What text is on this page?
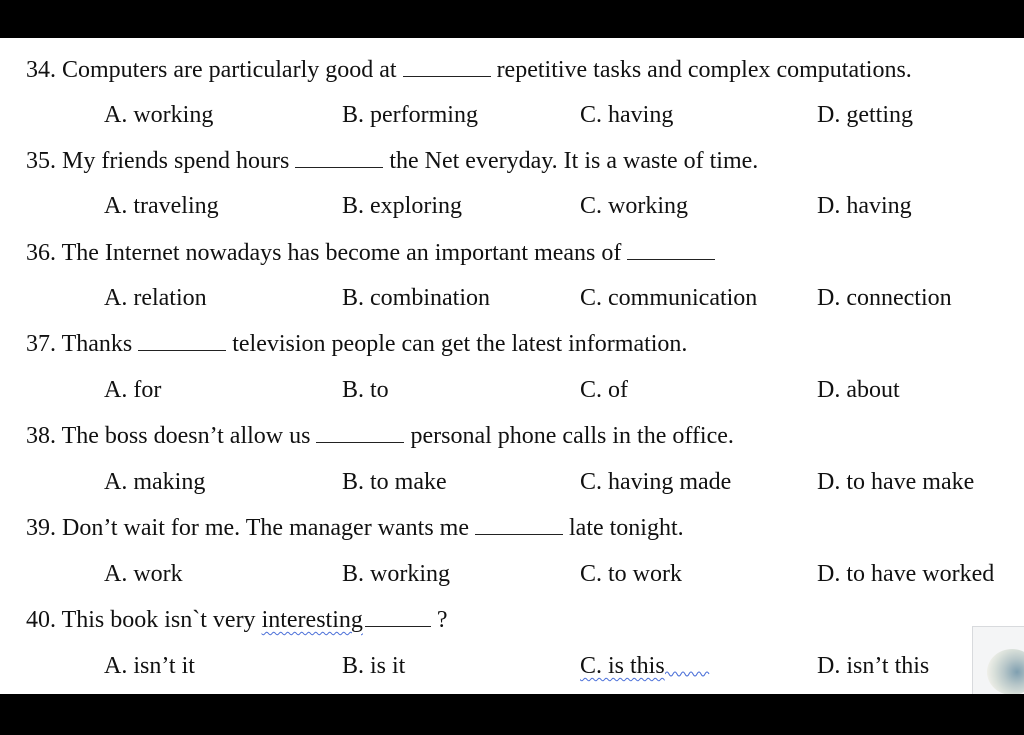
34. Computers are particularly good at	repetitive tasks and complex computations.
A. working	B. performing	C. having	D. getting
35. My friends spend hours	the Net everyday. It is a waste of time.
A. traveling	B. exploring	C. working	D. having
36. The Internet nowadays has become an important means of
A. relation	B. combination	C. communication D. connection
37. Thanks	television people can get the latest information.
A. for	B. to	C. of	D. about
38. The boss doesn’t allow us	personal phone calls in the office.
A. making	B. to make	C. having made	D. to have make
39. Don’t wait for me. The manager wants me	late tonight.
A. work	B. working	C. to work	D. to have worked
40. This book isn`t very interesting	?
A. isn’t it	B. is it	C. is this	D. isn’t this
